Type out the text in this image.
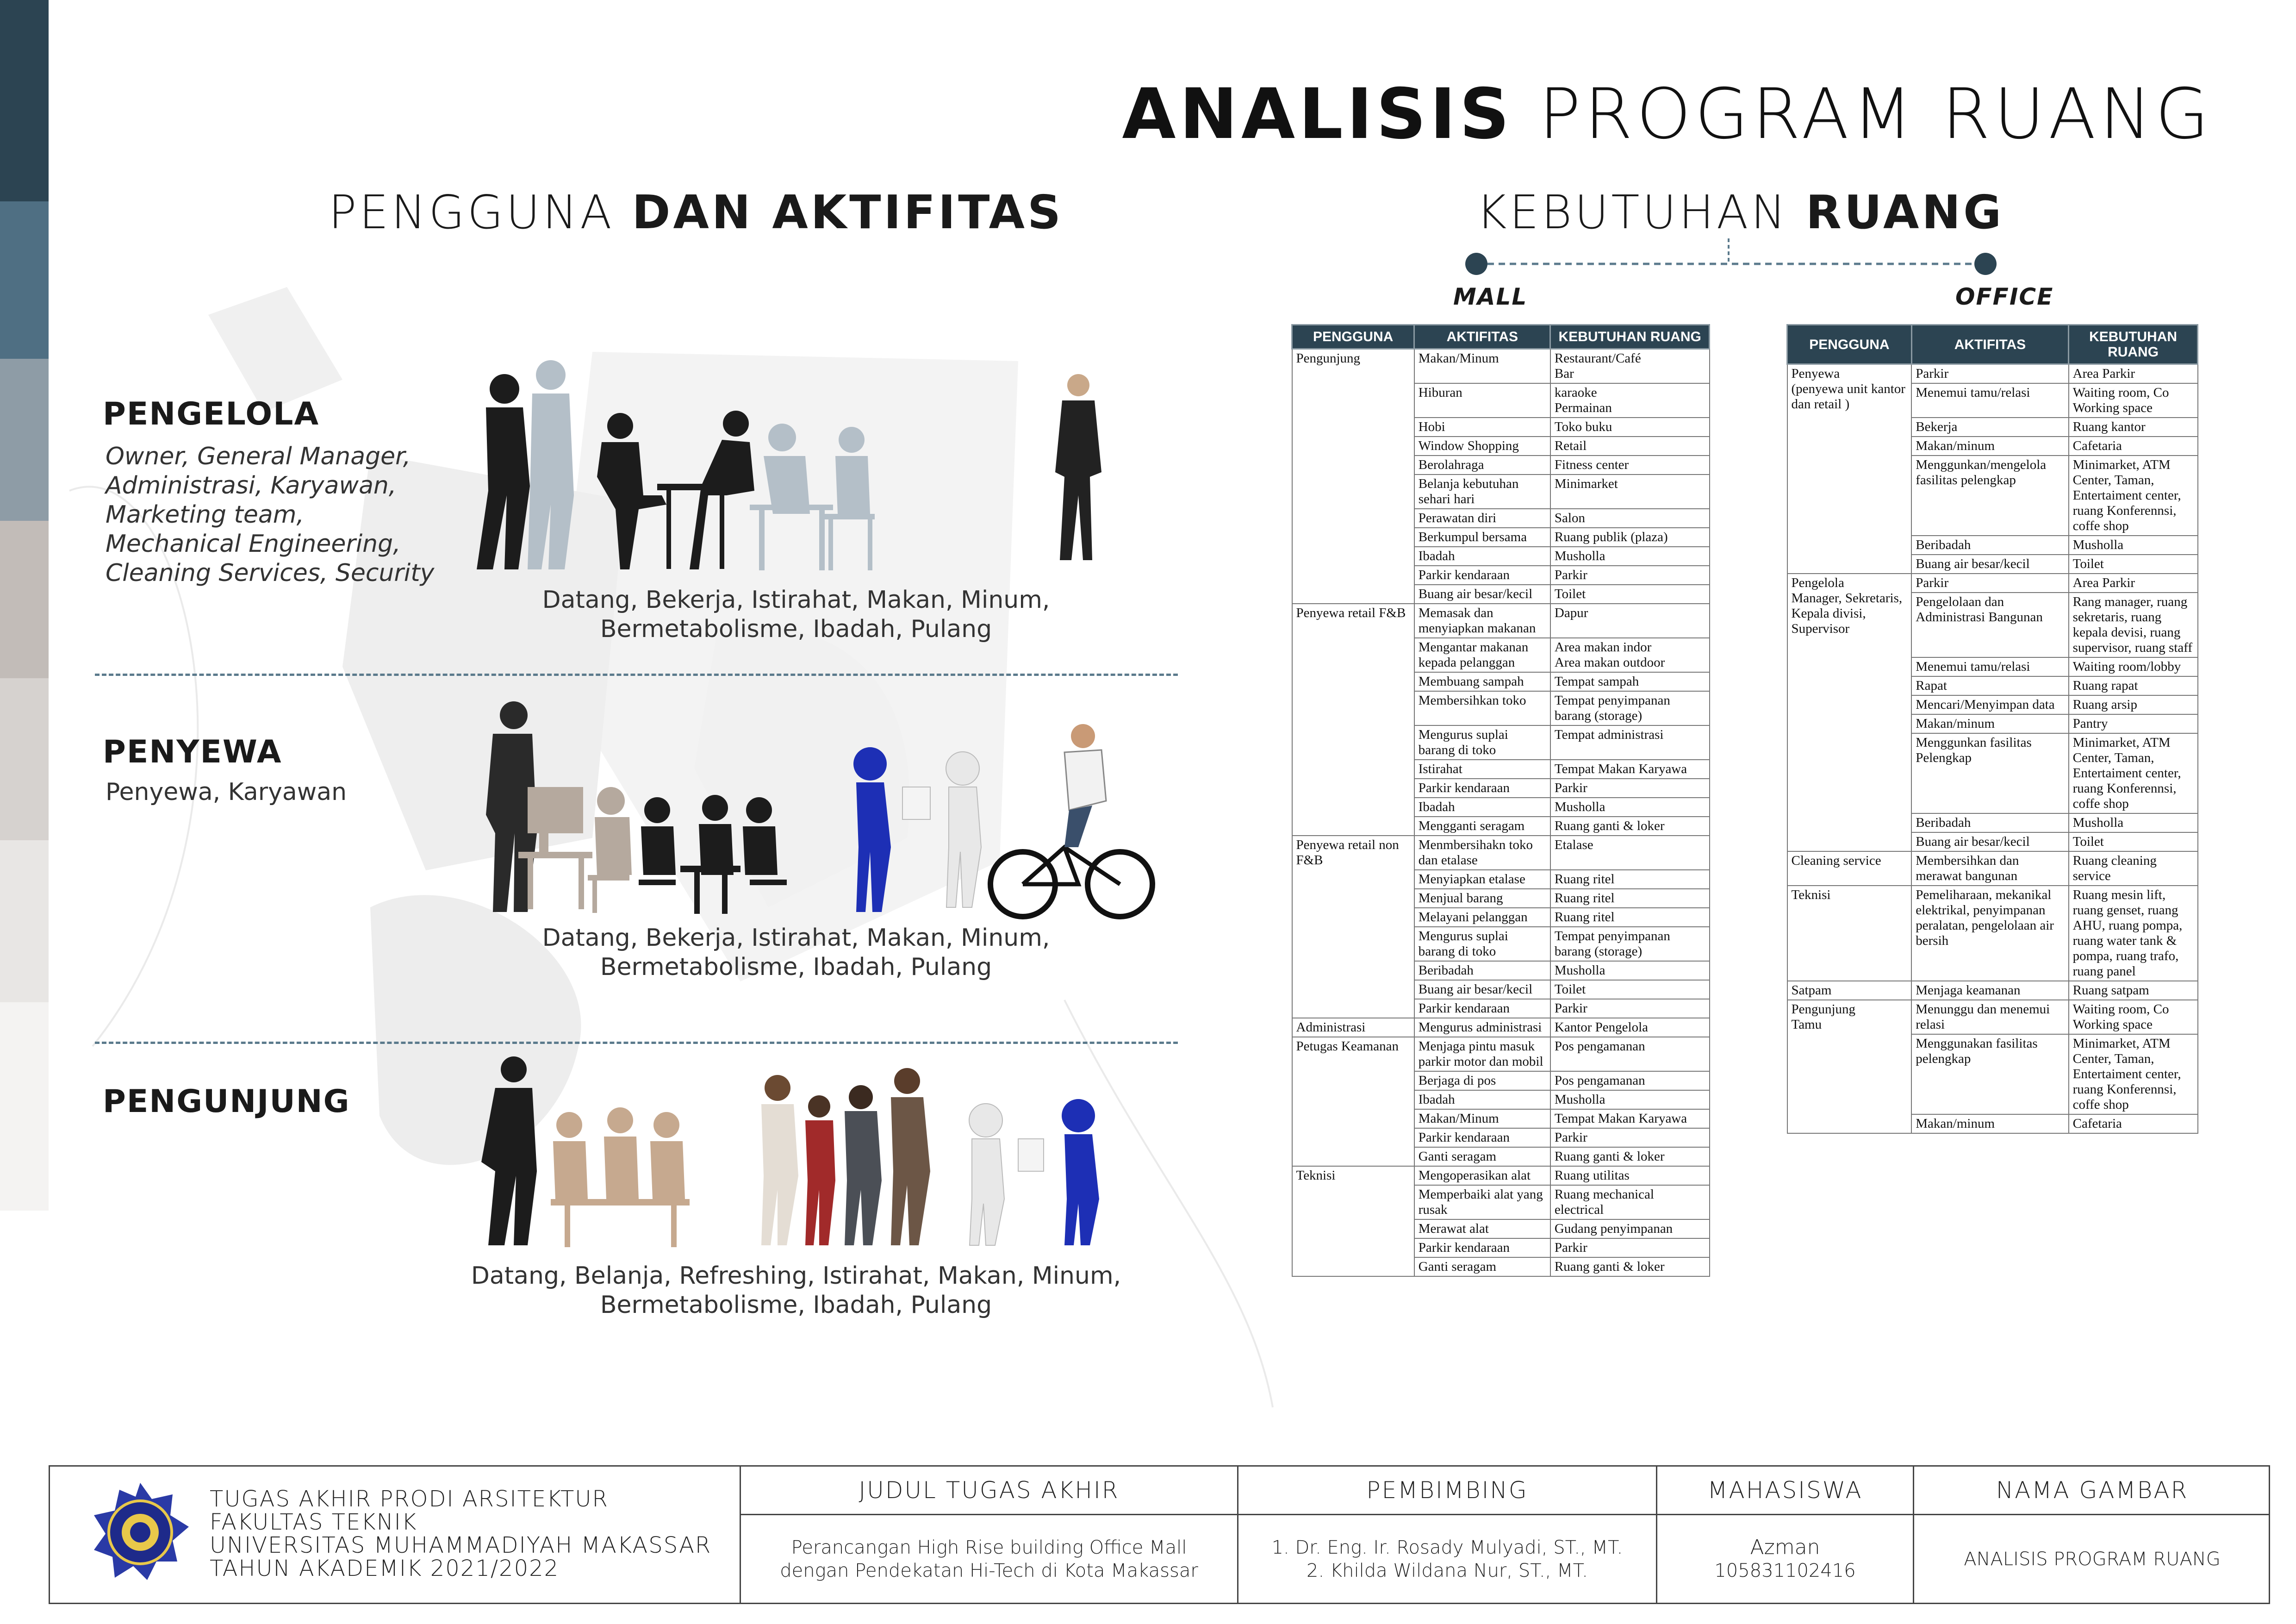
ANALISIS PROGRAM RUANG
PENGGUNA DAN AKTIFITAS
PENGELOLA
Owner, General Manager,
Administrasi, Karyawan,
Marketing team,
Mechanical Engineering,
Cleaning Services, Security
Datang, Bekerja, Istirahat, Makan, Minum,
Bermetabolisme, Ibadah, Pulang
PENYEWA
Penyewa, Karyawan
Datang, Bekerja, Istirahat, Makan, Minum,
Bermetabolisme, Ibadah, Pulang
PENGUNJUNG
Datang, Belanja, Refreshing, Istirahat, Makan, Minum,
Bermetabolisme, Ibadah, Pulang
KEBUTUHAN RUANG
MALL	OFFICE
PENGGUNA	AKTIFITAS	KEBUTUHAN RUANG
Pengunjung	Makan/Minum	Restaurant/Café
Bar
	Hiburan	karaoke
Permainan
	Hobi	Toko buku
	Window Shopping	Retail
	Berolahraga	Fitness center
	Belanja kebutuhan sehari hari	Minimarket
	Perawatan diri	Salon
	Berkumpul bersama	Ruang publik (plaza)
	Ibadah	Musholla
	Parkir kendaraan	Parkir
	Buang air besar/kecil	Toilet
Penyewa retail F&B	Memasak dan menyiapkan makanan	Dapur
	Mengantar makanan kepada pelanggan	Area makan indor
Area makan outdoor
	Membuang sampah	Tempat sampah
	Membersihkan toko	Tempat penyimpanan barang (storage)
	Mengurus suplai barang di toko	Tempat administrasi
	Istirahat	Tempat Makan Karyawa
	Parkir kendaraan	Parkir
	Ibadah	Musholla
	Mengganti seragam	Ruang ganti & loker
Penyewa retail non F&B	Menmbersihakn toko dan etalase	Etalase
	Menyiapkan etalase	Ruang ritel
	Menjual barang	Ruang ritel
	Melayani pelanggan	Ruang ritel
	Mengurus suplai barang di toko	Tempat penyimpanan barang (storage)
	Beribadah	Musholla
	Buang air besar/kecil	Toilet
	Parkir kendaraan	Parkir
Administrasi	Mengurus administrasi	Kantor Pengelola
Petugas Keamanan	Menjaga pintu masuk parkir motor dan mobil	Pos pengamanan
	Berjaga di pos	Pos pengamanan
	Ibadah	Musholla
	Makan/Minum	Tempat Makan Karyawa
	Parkir kendaraan	Parkir
	Ganti seragam	Ruang ganti & loker
Teknisi	Mengoperasikan alat	Ruang utilitas
	Memperbaiki alat yang rusak	Ruang mechanical electrical
	Merawat alat	Gudang penyimpanan
	Parkir kendaraan	Parkir
	Ganti seragam	Ruang ganti & loker
PENGGUNA	AKTIFITAS	KEBUTUHAN RUANG
Penyewa
(penyewa unit kantor dan retail )	Parkir	Area Parkir
	Menemui tamu/relasi	Waiting room, Co Working space
	Bekerja	Ruang kantor
	Makan/minum	Cafetaria
	Menggunkan/mengelola fasilitas pelengkap	Minimarket, ATM Center, Taman, Entertaiment center, ruang Konferennsi, coffe shop
	Beribadah	Musholla
	Buang air besar/kecil	Toilet
Pengelola
Manager, Sekretaris, Kepala divisi, Supervisor	Parkir	Area Parkir
	Pengelolaan dan Administrasi Bangunan	Rang manager, ruang sekretaris, ruang kepala devisi, ruang supervisor, ruang staff
	Menemui tamu/relasi	Waiting room/lobby
	Rapat	Ruang rapat
	Mencari/Menyimpan data	Ruang arsip
	Makan/minum	Pantry
	Menggunkan fasilitas Pelengkap	Minimarket, ATM Center, Taman, Entertaiment center, ruang Konferennsi, coffe shop
	Beribadah	Musholla
	Buang air besar/kecil	Toilet
Cleaning service	Membersihkan dan merawat bangunan	Ruang cleaning service
Teknisi	Pemeliharaan, mekanikal elektrikal, penyimpanan peralatan, pengelolaan air bersih	Ruang mesin lift, ruang genset, ruang AHU, ruang pompa, ruang water tank & pompa, ruang trafo, ruang panel
Satpam	Menjaga keamanan	Ruang satpam
Pengunjung
Tamu	Menunggu dan menemui relasi	Waiting room, Co Working space
	Menggunakan fasilitas pelengkap	Minimarket, ATM Center, Taman, Entertaiment center, ruang Konferennsi, coffe shop
	Makan/minum	Cafetaria
TUGAS AKHIR PRODI ARSITEKTUR
FAKULTAS TEKNIK
UNIVERSITAS MUHAMMADIYAH MAKASSAR
TAHUN AKADEMIK 2021/2022
JUDUL TUGAS AKHIR
Perancangan High Rise building Office Mall
dengan Pendekatan Hi-Tech di Kota Makassar
PEMBIMBING
1. Dr. Eng. Ir. Rosady Mulyadi, ST., MT.
2. Khilda Wildana Nur, ST., MT.
MAHASISWA
Azman
105831102416
NAMA GAMBAR
ANALISIS PROGRAM RUANG
